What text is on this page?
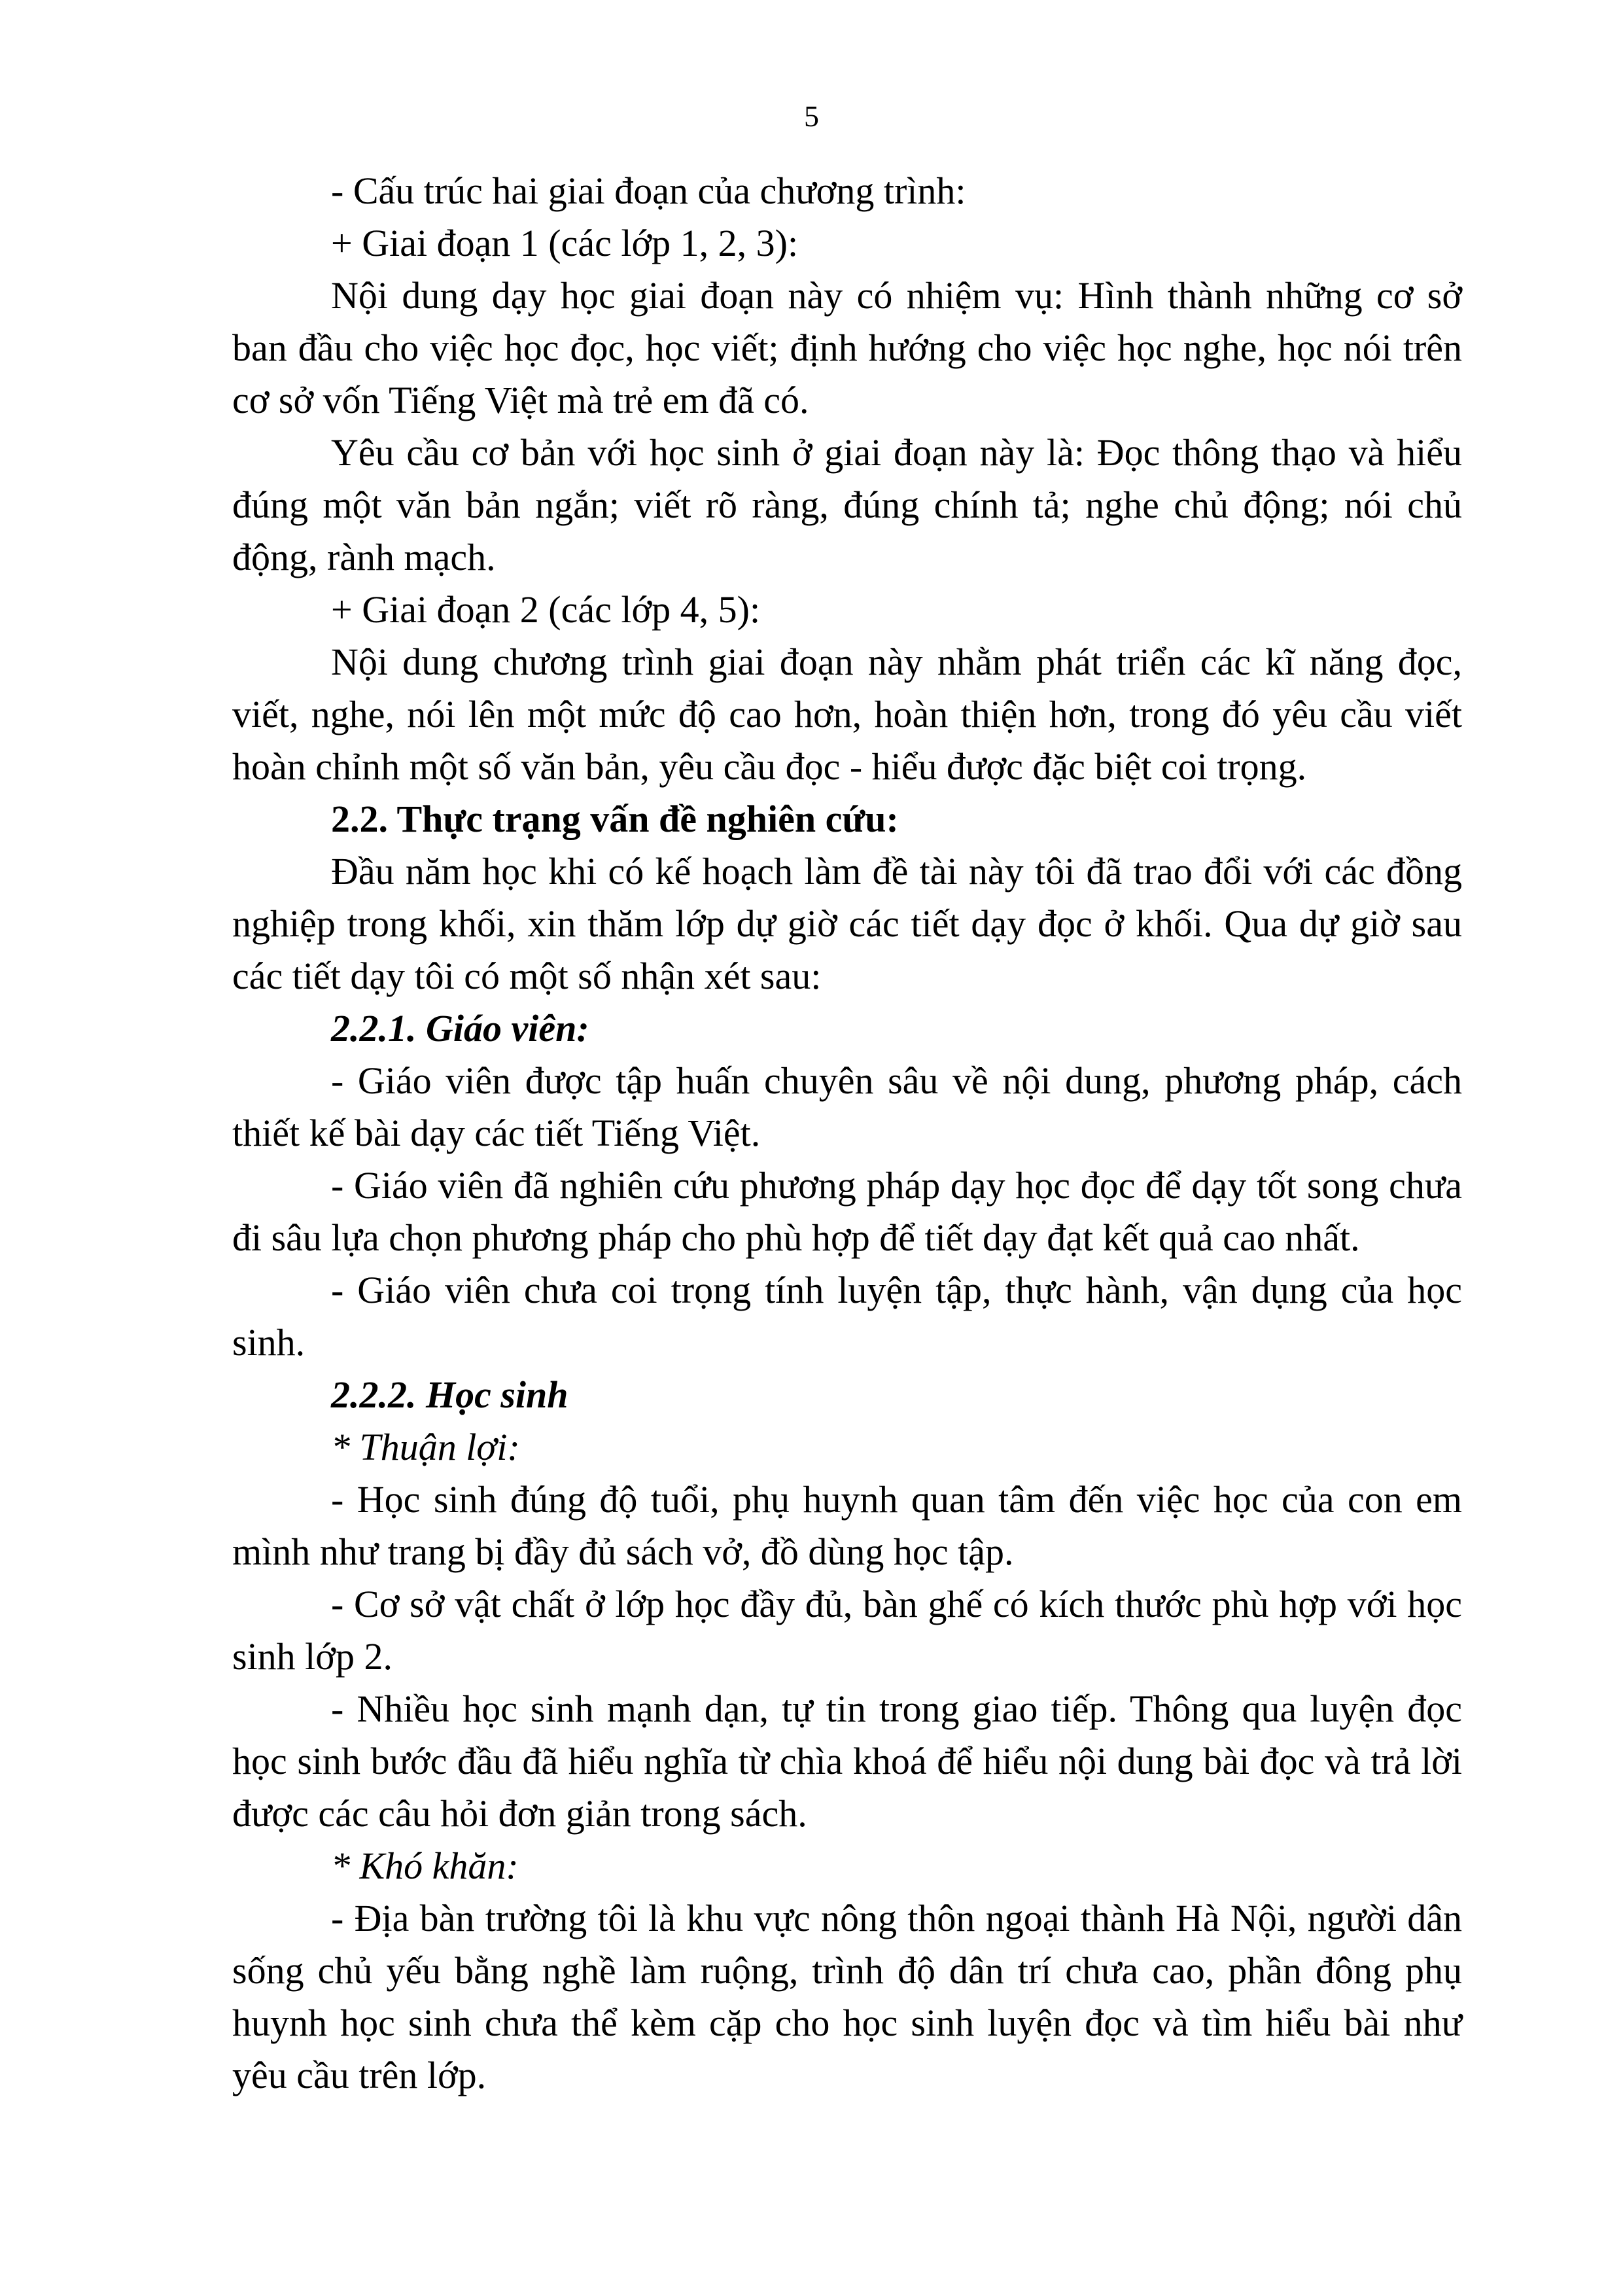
5

- Cấu trúc hai giai đoạn của chương trình:

+ Giai đoạn 1 (các lớp 1, 2, 3):

Nội dung dạy học giai đoạn này có nhiệm vụ: Hình thành những cơ sở ban đầu cho việc học đọc, học viết; định hướng cho việc học nghe, học nói trên cơ sở vốn Tiếng Việt mà trẻ em đã có.

Yêu cầu cơ bản với học sinh ở giai đoạn này là: Đọc thông thạo và hiểu đúng một văn bản ngắn; viết rõ ràng, đúng chính tả; nghe chủ động; nói chủ động, rành mạch.

+ Giai đoạn 2 (các lớp 4, 5):

Nội dung chương trình giai đoạn này nhằm phát triển các kĩ năng đọc, viết, nghe, nói lên một mức độ cao hơn, hoàn thiện hơn, trong đó yêu cầu viết hoàn chỉnh một số văn bản, yêu cầu đọc - hiểu được đặc biệt coi trọng.

2.2. Thực trạng vấn đề nghiên cứu:

Đầu năm học khi có kế hoạch làm đề tài này tôi đã trao đổi với các đồng nghiệp trong khối, xin thăm lớp dự giờ các tiết dạy đọc ở khối. Qua dự giờ sau các tiết dạy tôi có một số nhận xét sau:

2.2.1. Giáo viên:

- Giáo viên được tập huấn chuyên sâu về nội dung, phương pháp, cách thiết kế bài dạy các tiết Tiếng Việt.

- Giáo viên đã nghiên cứu phương pháp dạy học đọc để dạy tốt song chưa đi sâu lựa chọn phương pháp cho phù hợp để tiết dạy đạt kết quả cao nhất.

- Giáo viên chưa coi trọng tính luyện tập, thực hành, vận dụng của học sinh.

2.2.2. Học sinh

* Thuận lợi:

- Học sinh đúng độ tuổi, phụ huynh quan tâm đến việc học của con em mình như trang bị đầy đủ sách vở, đồ dùng học tập.

- Cơ sở vật chất ở lớp học đầy đủ, bàn ghế có kích thước phù hợp với học sinh lớp 2.

- Nhiều học sinh mạnh dạn, tự tin trong giao tiếp. Thông qua luyện đọc học sinh bước đầu đã hiểu nghĩa từ chìa khoá để hiểu nội dung bài đọc và trả lời được các câu hỏi đơn giản trong sách.

* Khó khăn:

- Địa bàn trường tôi là khu vực nông thôn ngoại thành Hà Nội, người dân sống chủ yếu bằng nghề làm ruộng, trình độ dân trí chưa cao, phần đông phụ huynh học sinh chưa thể kèm cặp cho học sinh luyện đọc và tìm hiểu bài như yêu cầu trên lớp.
